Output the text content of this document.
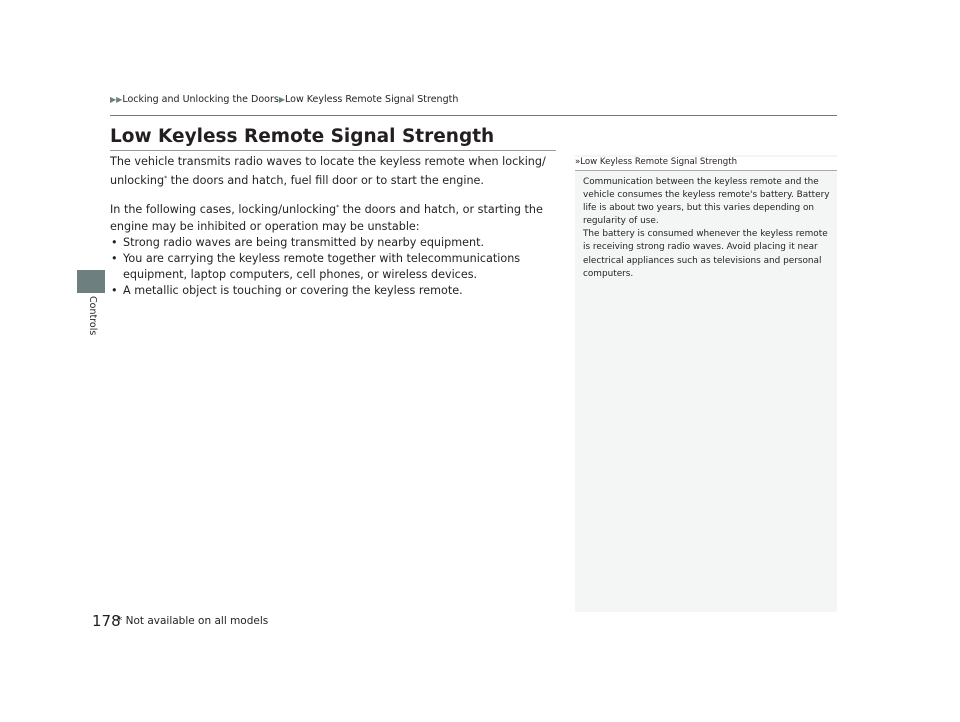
▶▶Locking and Unlocking the Doors▶Low Keyless Remote Signal Strength
Low Keyless Remote Signal Strength

The vehicle transmits radio waves to locate the keyless remote when locking/ unlocking* the doors and hatch, fuel fill door or to start the engine.

In the following cases, locking/unlocking* the doors and hatch, or starting the engine may be inhibited or operation may be unstable:

• Strong radio waves are being transmitted by nearby equipment.
• You are carrying the keyless remote together with telecommunications equipment, laptop computers, cell phones, or wireless devices.
• A metallic object is touching or covering the keyless remote.
»Low Keyless Remote Signal Strength
Communication between the keyless remote and the vehicle consumes the keyless remote's battery. Battery life is about two years, but this varies depending on regularity of use.
The battery is consumed whenever the keyless remote is receiving strong radio waves. Avoid placing it near electrical appliances such as televisions and personal computers.
Controls
178
* Not available on all models
